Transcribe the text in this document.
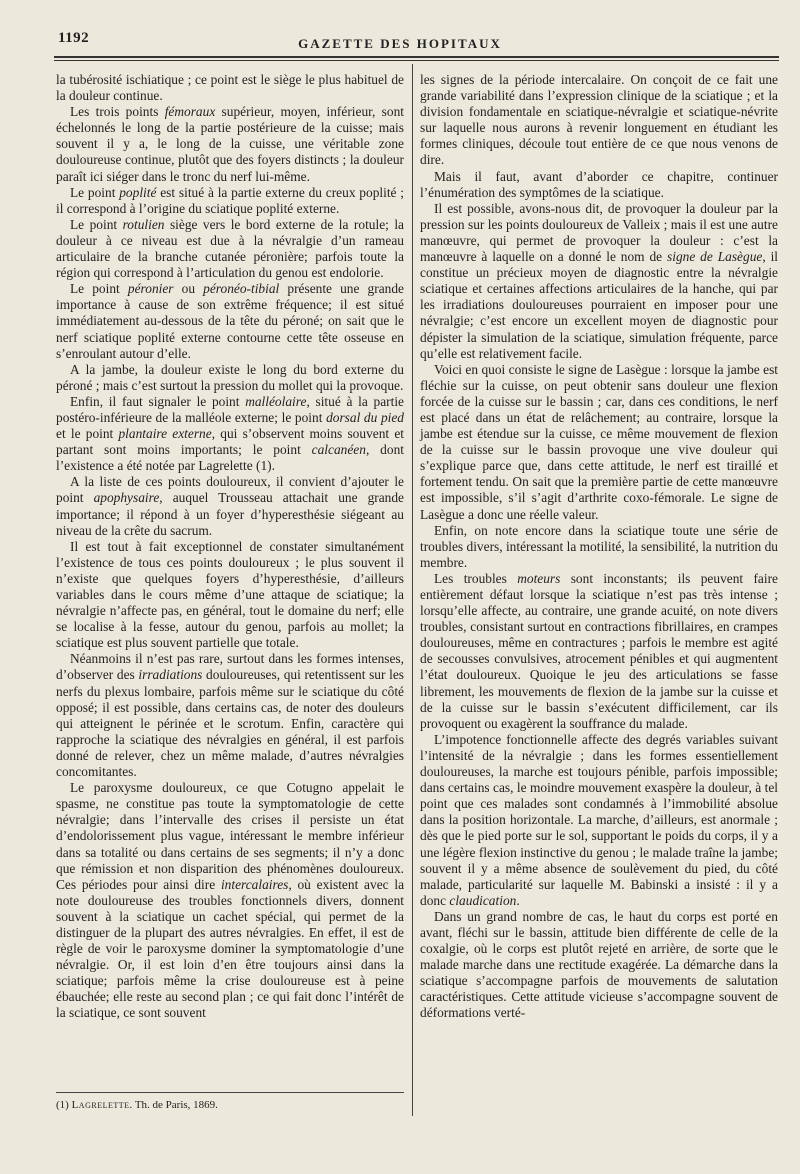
1192	GAZETTE DES HOPITAUX

la tubérosité ischiatique ; ce point est le siège le plus habituel de la douleur continue.

Les trois points fémoraux supérieur, moyen, inférieur, sont échelonnés le long de la partie postérieure de la cuisse; mais souvent il y a, le long de la cuisse, une véritable zone douloureuse continue, plutôt que des foyers distincts ; la douleur paraît ici siéger dans le tronc du nerf lui-même.

Le point poplité est situé à la partie externe du creux poplité ; il correspond à l’origine du sciatique poplité externe.

Le point rotulien siège vers le bord externe de la rotule; la douleur à ce niveau est due à la névralgie d’un rameau articulaire de la branche cutanée péronière; parfois toute la région qui correspond à l’articulation du genou est endolorie.

Le point péronier ou péronéo-tibial présente une grande importance à cause de son extrême fréquence; il est situé immédiatement au-dessous de la tête du péroné; on sait que le nerf sciatique poplité externe contourne cette tête osseuse en s’enroulant autour d’elle.

A la jambe, la douleur existe le long du bord externe du péroné ; mais c’est surtout la pression du mollet qui la provoque.

Enfin, il faut signaler le point malléolaire, situé à la partie postéro-inférieure de la malléole externe; le point dorsal du pied et le point plantaire externe, qui s’observent moins souvent et partant sont moins importants; le point calcanéen, dont l’existence a été notée par Lagrelette (1).

A la liste de ces points douloureux, il convient d’ajouter le point apophysaire, auquel Trousseau attachait une grande importance; il répond à un foyer d’hyperesthésie siégeant au niveau de la crête du sacrum.

Il est tout à fait exceptionnel de constater simultanément l’existence de tous ces points douloureux ; le plus souvent il n’existe que quelques foyers d’hyperesthésie, d’ailleurs variables dans le cours même d’une attaque de sciatique; la névralgie n’affecte pas, en général, tout le domaine du nerf; elle se localise à la fesse, autour du genou, parfois au mollet; la sciatique est plus souvent partielle que totale.

Néanmoins il n’est pas rare, surtout dans les formes intenses, d’observer des irradiations douloureuses, qui retentissent sur les nerfs du plexus lombaire, parfois même sur le sciatique du côté opposé; il est possible, dans certains cas, de noter des douleurs qui atteignent le périnée et le scrotum. Enfin, caractère qui rapproche la sciatique des névralgies en général, il est parfois donné de relever, chez un même malade, d’autres névralgies concomitantes.

Le paroxysme douloureux, ce que Cotugno appelait le spasme, ne constitue pas toute la symptomatologie de cette névralgie; dans l’intervalle des crises il persiste un état d’endolorissement plus vague, intéressant le membre inférieur dans sa totalité ou dans certains de ses segments; il n’y a donc que rémission et non disparition des phénomènes douloureux. Ces périodes pour ainsi dire intercalaires, où existent avec la note douloureuse des troubles fonctionnels divers, donnent souvent à la sciatique un cachet spécial, qui permet de la distinguer de la plupart des autres névralgies. En effet, il est de règle de voir le paroxysme dominer la symptomatologie d’une névralgie. Or, il est loin d’en être toujours ainsi dans la sciatique; parfois même la crise douloureuse est à peine ébauchée; elle reste au second plan ; ce qui fait donc l’intérêt de la sciatique, ce sont souvent

(1) Lagrelette. Th. de Paris, 1869.

les signes de la période intercalaire. On conçoit de ce fait une grande variabilité dans l’expression clinique de la sciatique ; et la division fondamentale en sciatique-névralgie et sciatique-névrite sur laquelle nous aurons à revenir longuement en étudiant les formes cliniques, découle tout entière de ce que nous venons de dire.

Mais il faut, avant d’aborder ce chapitre, continuer l’énumération des symptômes de la sciatique.

Il est possible, avons-nous dit, de provoquer la douleur par la pression sur les points douloureux de Valleix ; mais il est une autre manœuvre, qui permet de provoquer la douleur : c’est la manœuvre à laquelle on a donné le nom de signe de Lasègue, il constitue un précieux moyen de diagnostic entre la névralgie sciatique et certaines affections articulaires de la hanche, qui par les irradiations douloureuses pourraient en imposer pour une névralgie; c’est encore un excellent moyen de diagnostic pour dépister la simulation de la sciatique, simulation fréquente, parce qu’elle est relativement facile.

Voici en quoi consiste le signe de Lasègue : lorsque la jambe est fléchie sur la cuisse, on peut obtenir sans douleur une flexion forcée de la cuisse sur le bassin ; car, dans ces conditions, le nerf est placé dans un état de relâchement; au contraire, lorsque la jambe est étendue sur la cuisse, ce même mouvement de flexion de la cuisse sur le bassin provoque une vive douleur qui s’explique parce que, dans cette attitude, le nerf est tiraillé et fortement tendu. On sait que la première partie de cette manœuvre est impossible, s’il s’agit d’arthrite coxo-fémorale. Le signe de Lasègue a donc une réelle valeur.

Enfin, on note encore dans la sciatique toute une série de troubles divers, intéressant la motilité, la sensibilité, la nutrition du membre.

Les troubles moteurs sont inconstants; ils peuvent faire entièrement défaut lorsque la sciatique n’est pas très intense ; lorsqu’elle affecte, au contraire, une grande acuité, on note divers troubles, consistant surtout en contractions fibrillaires, en crampes douloureuses, même en contractures ; parfois le membre est agité de secousses convulsives, atrocement pénibles et qui augmentent l’état douloureux. Quoique le jeu des articulations se fasse librement, les mouvements de flexion de la jambe sur la cuisse et de la cuisse sur le bassin s’exécutent difficilement, car ils provoquent ou exagèrent la souffrance du malade.

L’impotence fonctionnelle affecte des degrés variables suivant l’intensité de la névralgie ; dans les formes essentiellement douloureuses, la marche est toujours pénible, parfois impossible; dans certains cas, le moindre mouvement exaspère la douleur, à tel point que ces malades sont condamnés à l’immobilité absolue dans la position horizontale. La marche, d’ailleurs, est anormale ; dès que le pied porte sur le sol, supportant le poids du corps, il y a une légère flexion instinctive du genou ; le malade traîne la jambe; souvent il y a même absence de soulèvement du pied, du côté malade, particularité sur laquelle M. Babinski a insisté : il y a donc claudication.

Dans un grand nombre de cas, le haut du corps est porté en avant, fléchi sur le bassin, attitude bien différente de celle de la coxalgie, où le corps est plutôt rejeté en arrière, de sorte que le malade marche dans une rectitude exagérée. La démarche dans la sciatique s’accompagne parfois de mouvements de salutation caractéristiques. Cette attitude vicieuse s’accompagne souvent de déformations verté-
